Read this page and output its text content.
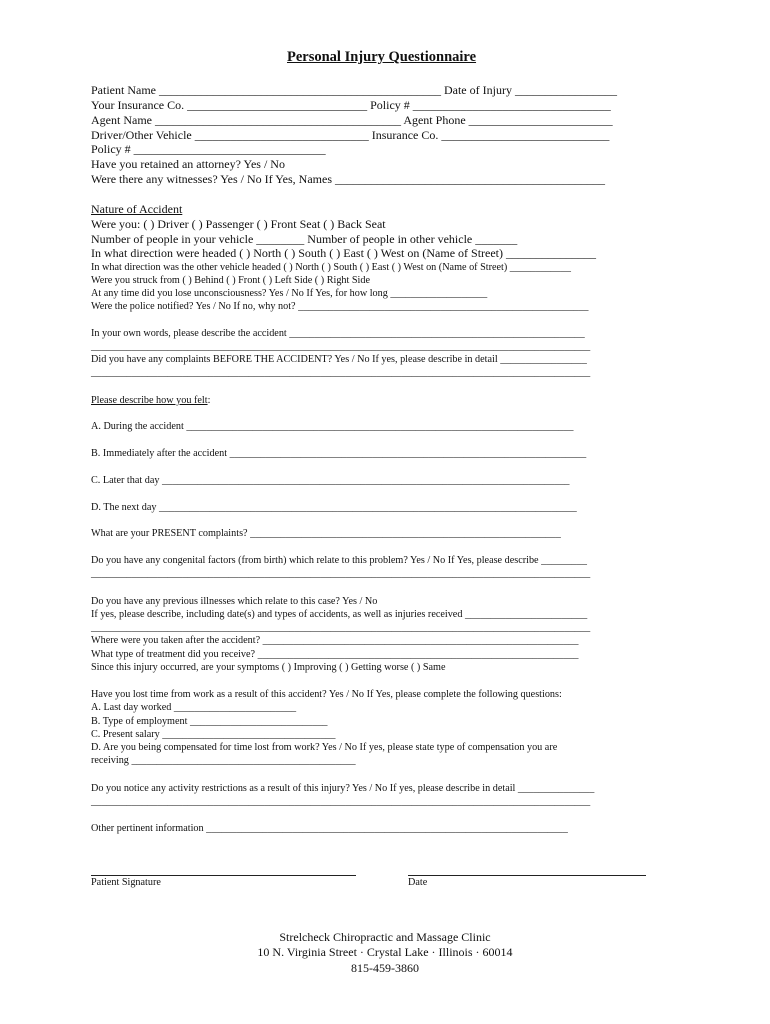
Personal Injury Questionnaire
Patient Name _______________________________________________ Date of Injury _________________
Your Insurance Co. ______________________________ Policy # _________________________________
Agent Name _________________________________________ Agent Phone ________________________
Driver/Other Vehicle _____________________________ Insurance Co. ____________________________
Policy # ________________________________
Have you retained an attorney? Yes / No
Were there any witnesses? Yes / No If Yes, Names _____________________________________________
Nature of Accident
Were you: ( ) Driver ( ) Passenger ( ) Front Seat ( ) Back Seat
Number of people in your vehicle ________ Number of people in other vehicle _______
In what direction were headed ( ) North ( ) South ( ) East ( ) West on (Name of Street) _______________
In what direction was the other vehicle headed ( ) North ( ) South ( ) East ( ) West on (Name of Street) ____________
Were you struck from ( ) Behind ( ) Front ( ) Left Side ( ) Right Side
At any time did you lose unconsciousness? Yes / No If Yes, for how long ___________________
Were the police notified? Yes / No If no, why not? _________________________________________________________
In your own words, please describe the accident __________________________________________________________
__________________________________________________________________________________________________
Did you have any complaints BEFORE THE ACCIDENT? Yes / No If yes, please describe in detail _________________
__________________________________________________________________________________________________
Please describe how you felt:
A. During the accident ____________________________________________________________________________
B. Immediately after the accident ______________________________________________________________________
C. Later that day ________________________________________________________________________________
D. The next day __________________________________________________________________________________
What are your PRESENT complaints? _____________________________________________________________
Do you have any congenital factors (from birth) which relate to this problem? Yes / No If Yes, please describe _________
__________________________________________________________________________________________________
Do you have any previous illnesses which relate to this case? Yes / No
If yes, please describe, including date(s) and types of accidents, as well as injuries received ________________________
__________________________________________________________________________________________________
Where were you taken after the accident? ______________________________________________________________
What type of treatment did you receive? _______________________________________________________________
Since this injury occurred, are your symptoms ( ) Improving ( ) Getting worse ( ) Same
Have you lost time from work as a result of this accident? Yes / No If Yes, please complete the following questions:
A. Last day worked ________________________
B. Type of employment ___________________________
C. Present salary __________________________________
D. Are you being compensated for time lost from work? Yes / No If yes, please state type of compensation you are
receiving ____________________________________________
Do you notice any activity restrictions as a result of this injury? Yes / No If yes, please describe in detail _______________
__________________________________________________________________________________________________
Other pertinent information _______________________________________________________________________
Patient Signature	Date
Strelcheck Chiropractic and Massage Clinic
10 N. Virginia Street · Crystal Lake · Illinois · 60014
815-459-3860
